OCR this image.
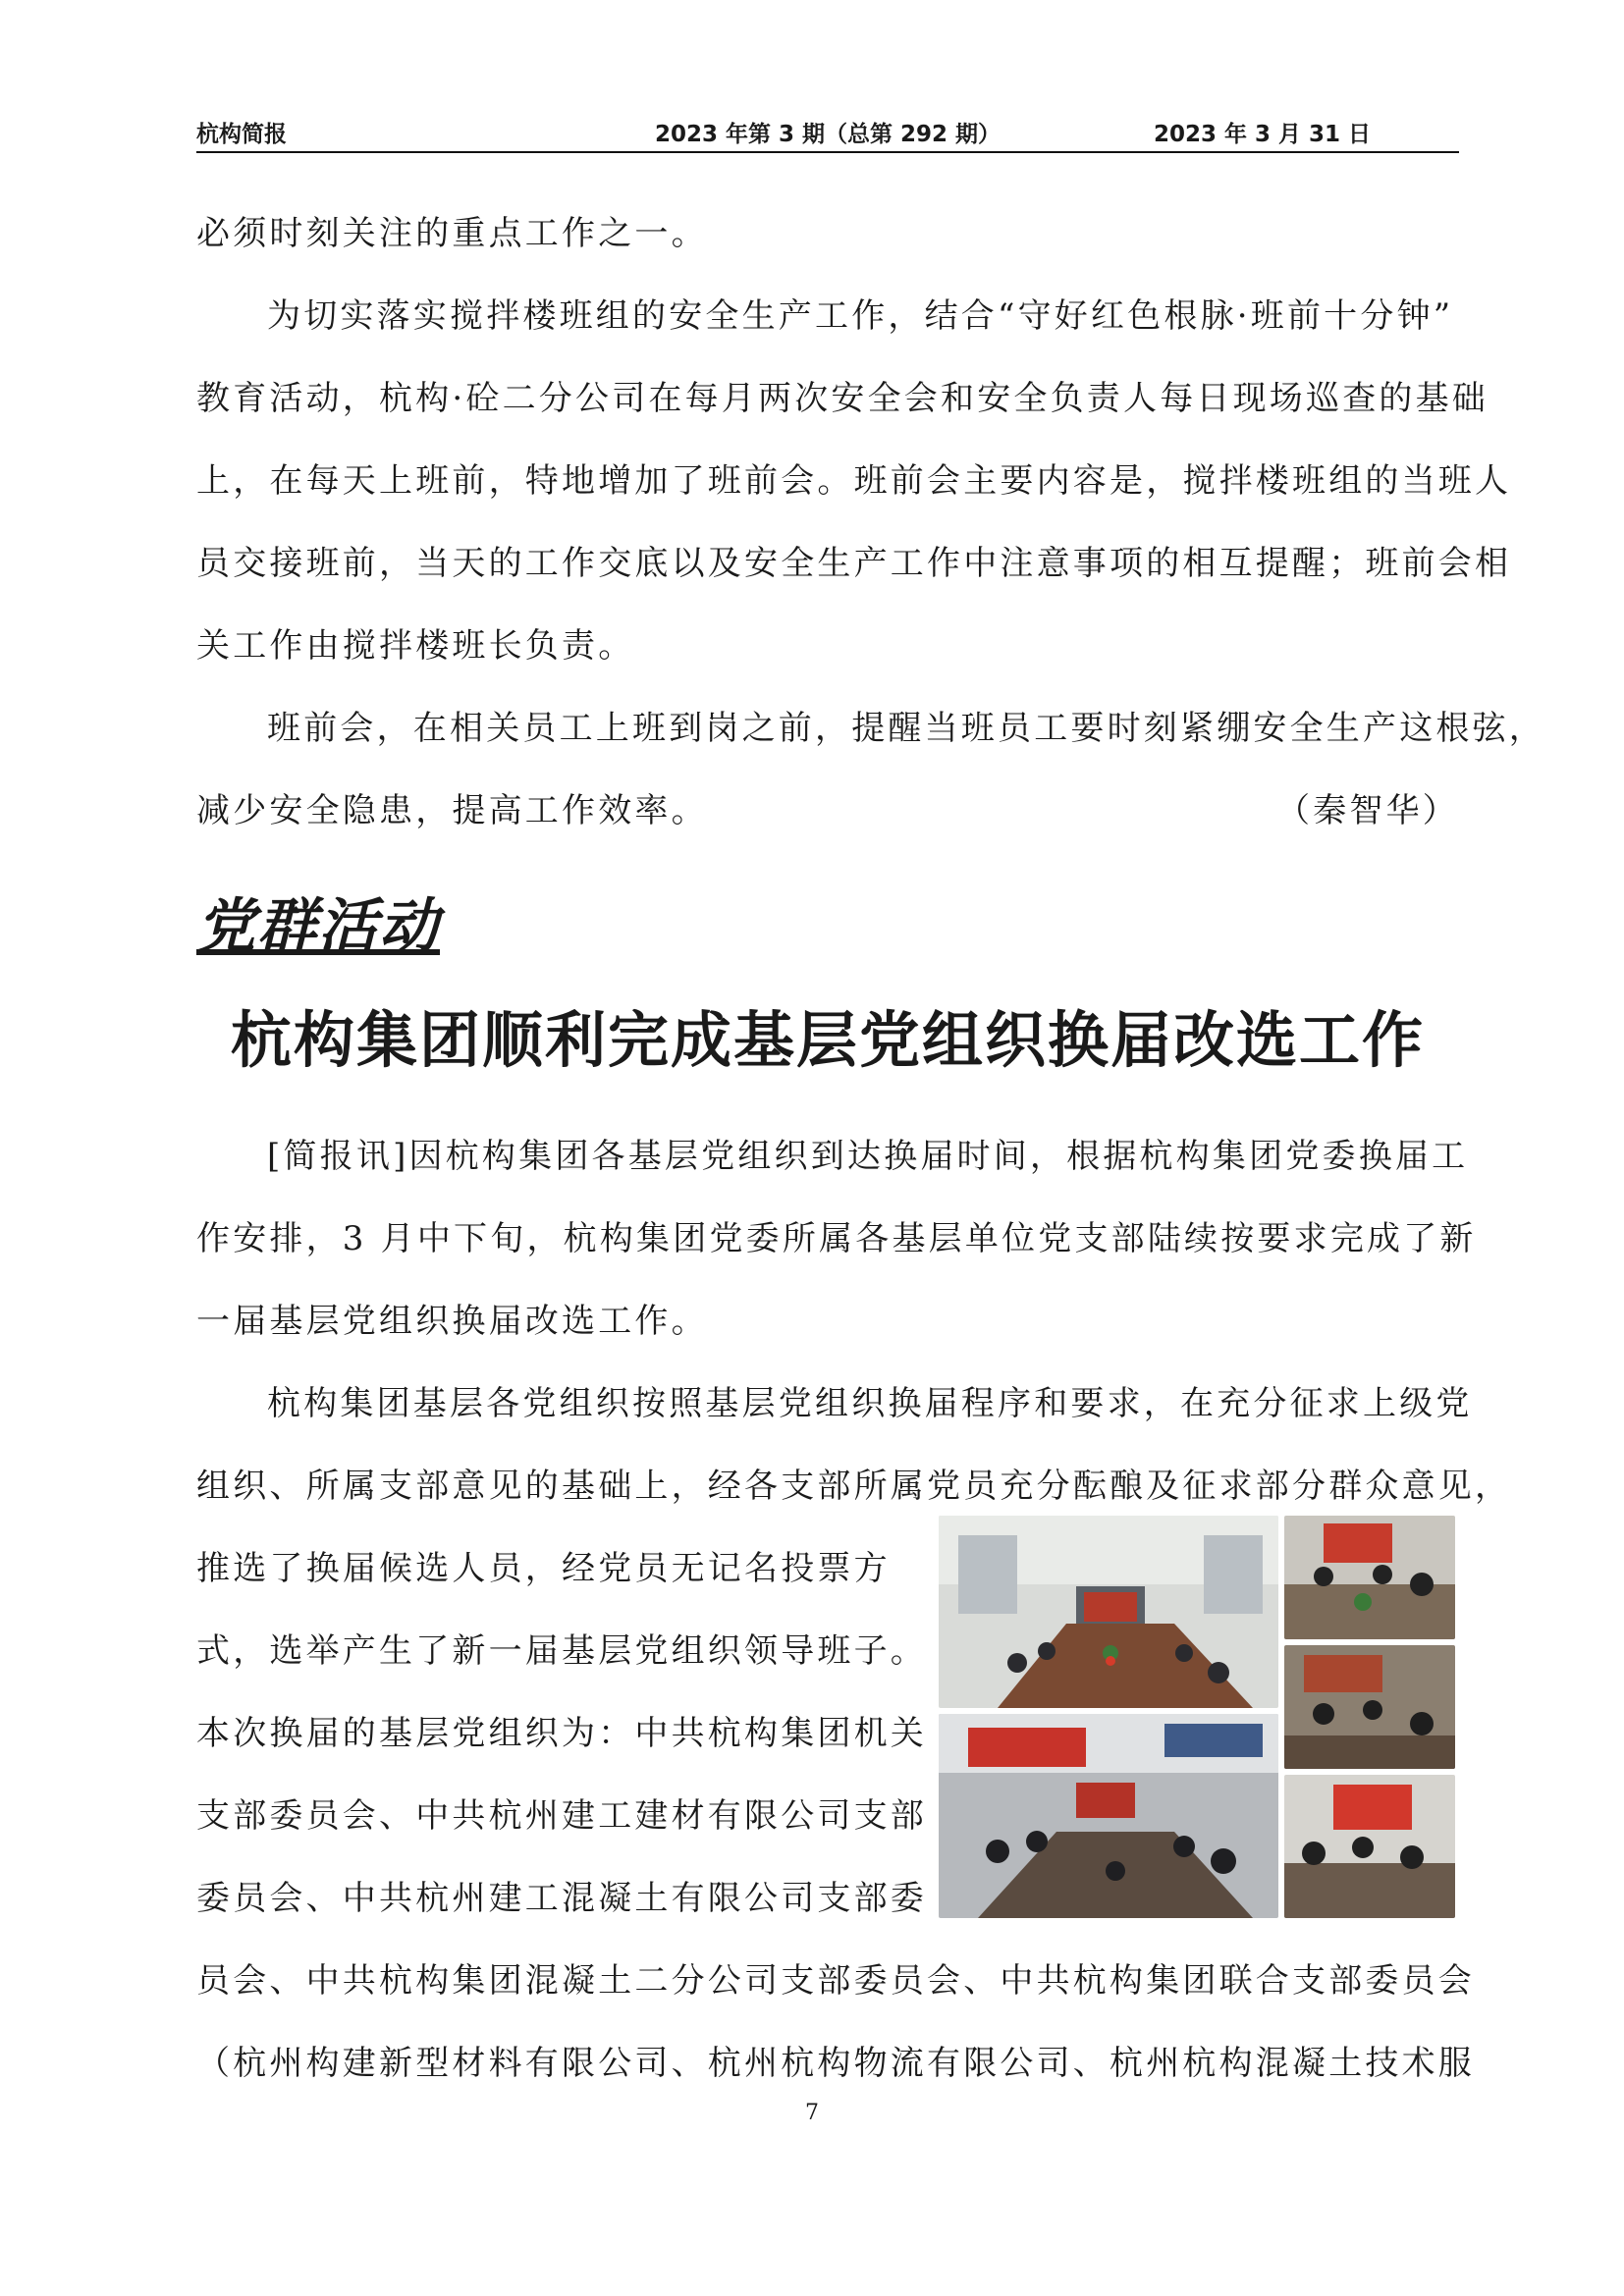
杭构简报	2023 年第 3 期（总第 292 期）	2023 年 3 月 31 日
必须时刻关注的重点工作之一。
为切实落实搅拌楼班组的安全生产工作，结合“守好红色根脉·班前十分钟”
教育活动，杭构·砼二分公司在每月两次安全会和安全负责人每日现场巡查的基础
上，在每天上班前，特地增加了班前会。班前会主要内容是，搅拌楼班组的当班人
员交接班前，当天的工作交底以及安全生产工作中注意事项的相互提醒；班前会相
关工作由搅拌楼班长负责。
班前会，在相关员工上班到岗之前，提醒当班员工要时刻紧绷安全生产这根弦，
减少安全隐患，提高工作效率。	（秦智华）
党群活动
杭构集团顺利完成基层党组织换届改选工作
[简报讯]因杭构集团各基层党组织到达换届时间，根据杭构集团党委换届工
作安排，3 月中下旬，杭构集团党委所属各基层单位党支部陆续按要求完成了新
一届基层党组织换届改选工作。
杭构集团基层各党组织按照基层党组织换届程序和要求，在充分征求上级党
组织、所属支部意见的基础上，经各支部所属党员充分酝酿及征求部分群众意见，
推选了换届候选人员，经党员无记名投票方
式，选举产生了新一届基层党组织领导班子。
本次换届的基层党组织为：中共杭构集团机关
支部委员会、中共杭州建工建材有限公司支部
委员会、中共杭州建工混凝土有限公司支部委
员会、中共杭构集团混凝土二分公司支部委员会、中共杭构集团联合支部委员会
（杭州构建新型材料有限公司、杭州杭构物流有限公司、杭州杭构混凝土技术服
7
